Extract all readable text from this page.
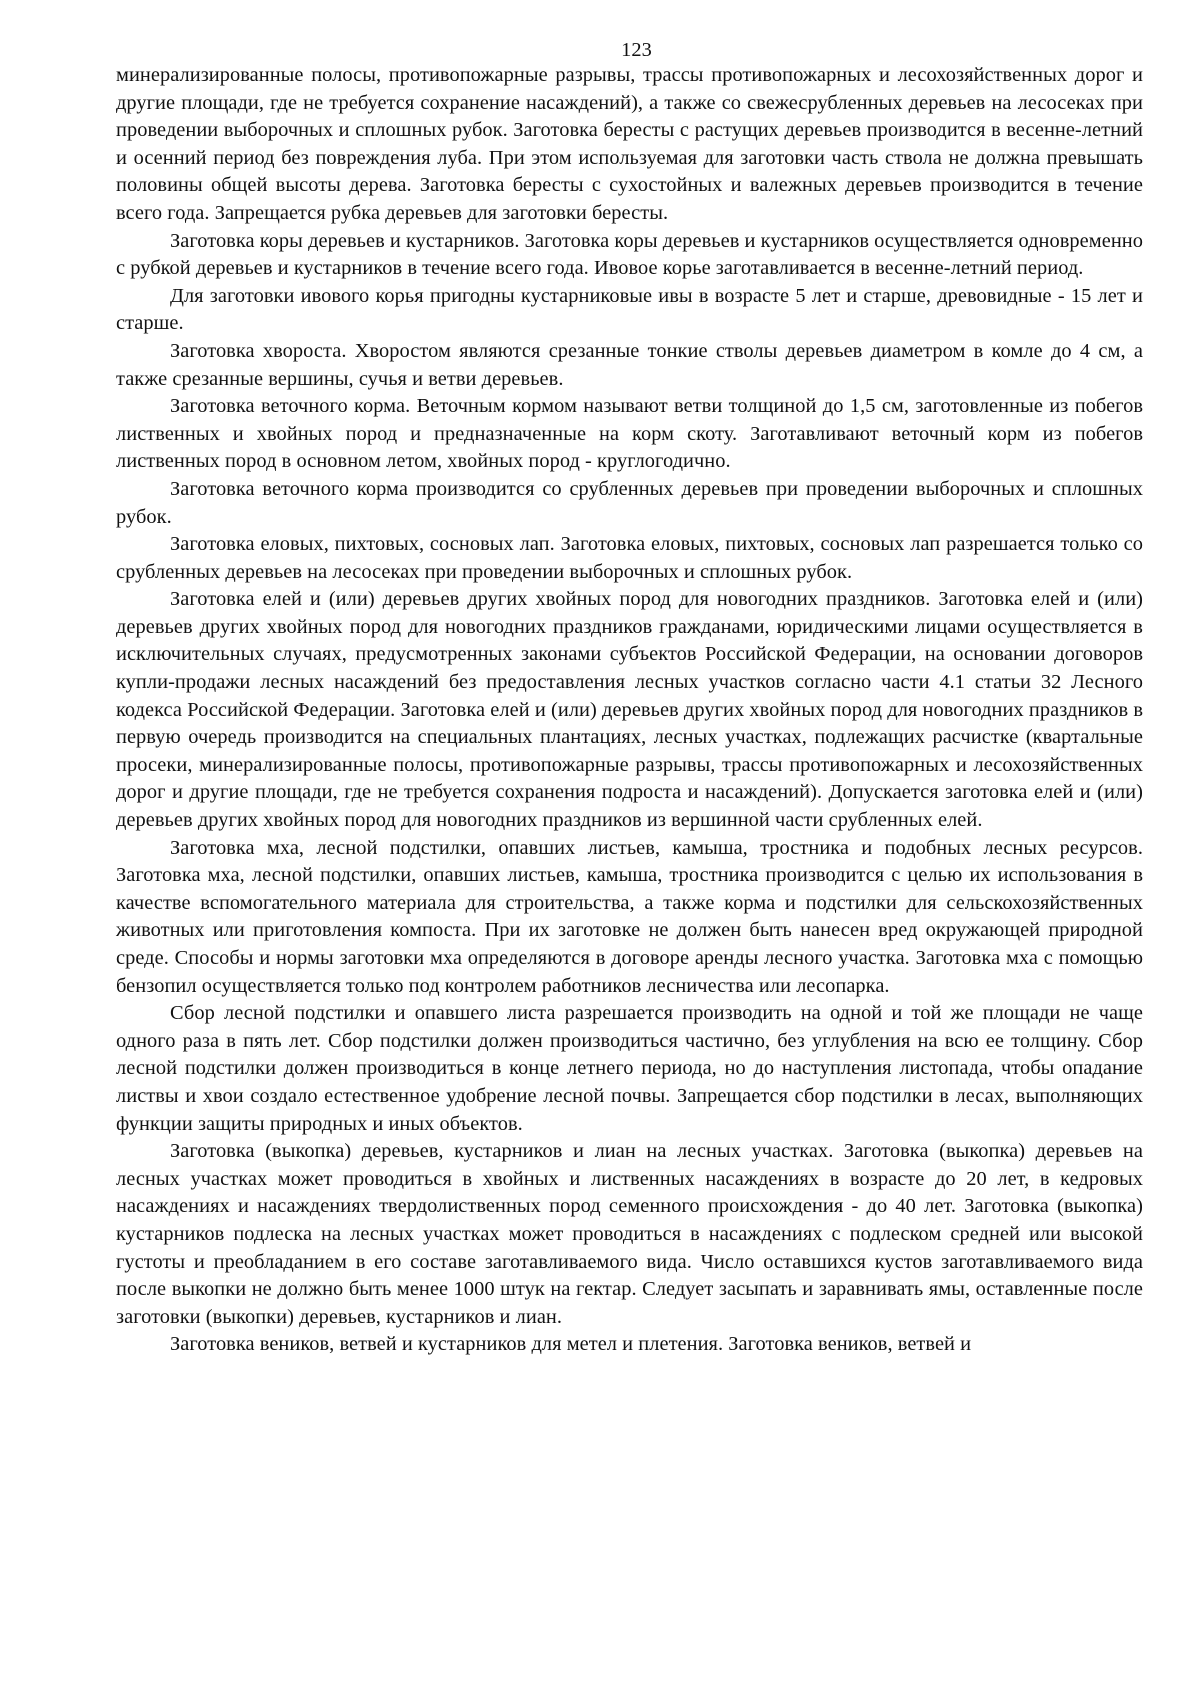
123

минерализированные полосы, противопожарные разрывы, трассы противопожарных и лесохозяйственных дорог и другие площади, где не требуется сохранение насаждений), а также со свежесрубленных деревьев на лесосеках при проведении выборочных и сплошных рубок. Заготовка бересты с растущих деревьев производится в весенне-летний и осенний период без повреждения луба. При этом используемая для заготовки часть ствола не должна превышать половины общей высоты дерева. Заготовка бересты с сухостойных и валежных деревьев производится в течение всего года. Запрещается рубка деревьев для заготовки бересты.

Заготовка коры деревьев и кустарников. Заготовка коры деревьев и кустарников осуществляется одновременно с рубкой деревьев и кустарников в течение всего года. Ивовое корье заготавливается в весенне-летний период.

Для заготовки ивового корья пригодны кустарниковые ивы в возрасте 5 лет и старше, древовидные - 15 лет и старше.

Заготовка хвороста. Хворостом являются срезанные тонкие стволы деревьев диаметром в комле до 4 см, а также срезанные вершины, сучья и ветви деревьев.

Заготовка веточного корма. Веточным кормом называют ветви толщиной до 1,5 см, заготовленные из побегов лиственных и хвойных пород и предназначенные на корм скоту. Заготавливают веточный корм из побегов лиственных пород в основном летом, хвойных пород - круглогодично.

Заготовка веточного корма производится со срубленных деревьев при проведении выборочных и сплошных рубок.

Заготовка еловых, пихтовых, сосновых лап. Заготовка еловых, пихтовых, сосновых лап разрешается только со срубленных деревьев на лесосеках при проведении выборочных и сплошных рубок.

Заготовка елей и (или) деревьев других хвойных пород для новогодних праздников. Заготовка елей и (или) деревьев других хвойных пород для новогодних праздников гражданами, юридическими лицами осуществляется в исключительных случаях, предусмотренных законами субъектов Российской Федерации, на основании договоров купли-продажи лесных насаждений без предоставления лесных участков согласно части 4.1 статьи 32 Лесного кодекса Российской Федерации. Заготовка елей и (или) деревьев других хвойных пород для новогодних праздников в первую очередь производится на специальных плантациях, лесных участках, подлежащих расчистке (квартальные просеки, минерализированные полосы, противопожарные разрывы, трассы противопожарных и лесохозяйственных дорог и другие площади, где не требуется сохранения подроста и насаждений). Допускается заготовка елей и (или) деревьев других хвойных пород для новогодних праздников из вершинной части срубленных елей.

Заготовка мха, лесной подстилки, опавших листьев, камыша, тростника и подобных лесных ресурсов. Заготовка мха, лесной подстилки, опавших листьев, камыша, тростника производится с целью их использования в качестве вспомогательного материала для строительства, а также корма и подстилки для сельскохозяйственных животных или приготовления компоста. При их заготовке не должен быть нанесен вред окружающей природной среде. Способы и нормы заготовки мха определяются в договоре аренды лесного участка. Заготовка мха с помощью бензопил осуществляется только под контролем работников лесничества или лесопарка.

Сбор лесной подстилки и опавшего листа разрешается производить на одной и той же площади не чаще одного раза в пять лет. Сбор подстилки должен производиться частично, без углубления на всю ее толщину. Сбор лесной подстилки должен производиться в конце летнего периода, но до наступления листопада, чтобы опадание листвы и хвои создало естественное удобрение лесной почвы. Запрещается сбор подстилки в лесах, выполняющих функции защиты природных и иных объектов.

Заготовка (выкопка) деревьев, кустарников и лиан на лесных участках. Заготовка (выкопка) деревьев на лесных участках может проводиться в хвойных и лиственных насаждениях в возрасте до 20 лет, в кедровых насаждениях и насаждениях твердолиственных пород семенного происхождения - до 40 лет. Заготовка (выкопка) кустарников подлеска на лесных участках может проводиться в насаждениях с подлеском средней или высокой густоты и преобладанием в его составе заготавливаемого вида. Число оставшихся кустов заготавливаемого вида после выкопки не должно быть менее 1000 штук на гектар. Следует засыпать и заравнивать ямы, оставленные после заготовки (выкопки) деревьев, кустарников и лиан.

Заготовка веников, ветвей и кустарников для метел и плетения. Заготовка веников, ветвей и
